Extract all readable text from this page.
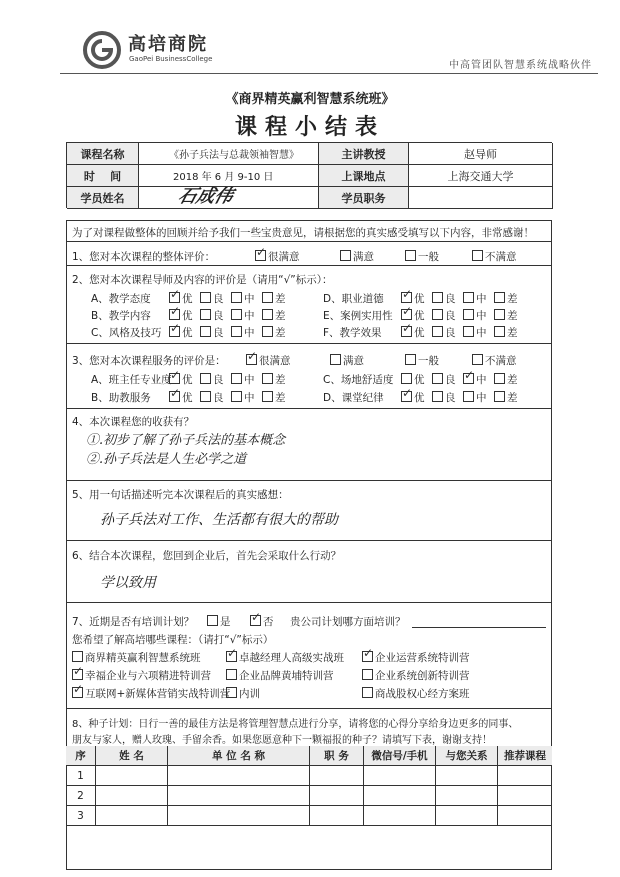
高培商院
GaoPei BusinessCollege
中高管团队智慧系统战略伙伴
《商界精英赢利智慧系统班》
课程小结表
课程名称	《孙子兵法与总裁领袖智慧》	主讲教授	赵导师
时    间	2018 年 6 月 9-10 日	上课地点	上海交通大学
学员姓名	石成伟	学员职务
为了对课程做整体的回顾并给予我们一些宝贵意见，请根据您的真实感受填写以下内容，非常感谢！
1、您对本次课程的整体评价： ✓	很满意	满意	一般	不满意
2、您对本次课程导师及内容的评价是（请用“√”标示）：
A、教学态度 ✓	优	良	中	差	D、职业道德 ✓	优	良	中	差
B、教学内容 ✓	优	良	中	差	E、案例实用性 ✓	优	良	中	差
C、风格及技巧 ✓	优	良	中	差	F、教学效果 ✓	优	良	中	差
3、您对本次课程服务的评价是： ✓	很满意	满意	一般	不满意
A、班主任专业度 ✓ 优	良	中	差	C、场地舒适度	优	良 ✓	中	差
B、助教服务 ✓	优	良	中	差	D、课堂纪律 ✓	优	良	中	差
4、本次课程您的收获有？
①.初步了解了孙子兵法的基本概念
②.孙子兵法是人生必学之道
5、用一句话描述听完本次课程后的真实感想：
孙子兵法对工作、生活都有很大的帮助
6、结合本次课程，您回到企业后，首先会采取什么行动？
学以致用
7、近期是否有培训计划？	是 ✓	否 贵公司计划哪方面培训？
您希望了解高培哪些课程：（请打“√”标示）
商界精英赢利智慧系统班 ✓	卓越经理人高级实战班 ✓	企业运营系统特训营
✓幸福企业与六项精进特训营	企业品牌黄埔特训营	企业系统创新特训营
✓互联网+新媒体营销实战特训营 内训	商战股权心经方案班
8、种子计划：日行一善的最佳方法是将管理智慧点进行分享，请将您的心得分享给身边更多的同事、
朋友与家人，赠人玫瑰、手留余香。如果您愿意种下一颗福报的种子？请填写下表，谢谢支持！
序	姓 名	单 位 名 称	职 务	微信号/手机	与您关系	推荐课程
1
2
3
